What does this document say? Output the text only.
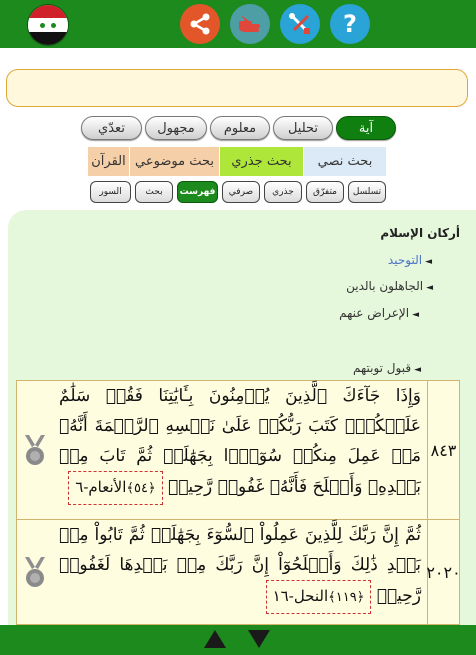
?
آية
تحليل
معلوم
مجهول
تعدّي
بحث نصي
بحث جذري
بحث موضوعي
القرآن
تسلسل
متفرّق
جذري
صرفي
فهرست
بحث
السور
أركان الإسلام
◄التوحيد
◄الجاهلون بالدين
◄الإعراض عنهم
◄قبول توبتهم
٨٤٣
وَإِذَا جَآءَكَ ٱلَّذِينَ يُؤۡمِنُونَ بِـَٔايَٰتِنَا فَقُلۡ سَلَٰمٌ عَلَيۡكُمۡۖ كَتَبَ رَبُّكُمۡ عَلَىٰ نَفۡسِهِ ٱلرَّحۡمَةَ أَنَّهُۥ مَنۡ عَمِلَ مِنكُمۡ سُوٓءَۢا بِجَهَٰلَةٖ ثُمَّ تَابَ مِنۢ بَعۡدِهِۦ وَأَصۡلَحَ فَأَنَّهُۥ غَفُورٞ رَّحِيمٞ ﴿٥٤﴾الأنعام-٦
٢٠٢٠
ثُمَّ إِنَّ رَبَّكَ لِلَّذِينَ عَمِلُواْ ٱلسُّوٓءَ بِجَهَٰلَةٖ ثُمَّ تَابُواْ مِنۢ بَعۡدِ ذَٰلِكَ وَأَصۡلَحُوٓاْ إِنَّ رَبَّكَ مِنۢ بَعۡدِهَا لَغَفُورٞ رَّحِيمٞ ﴿١١٩﴾النحل-١٦
